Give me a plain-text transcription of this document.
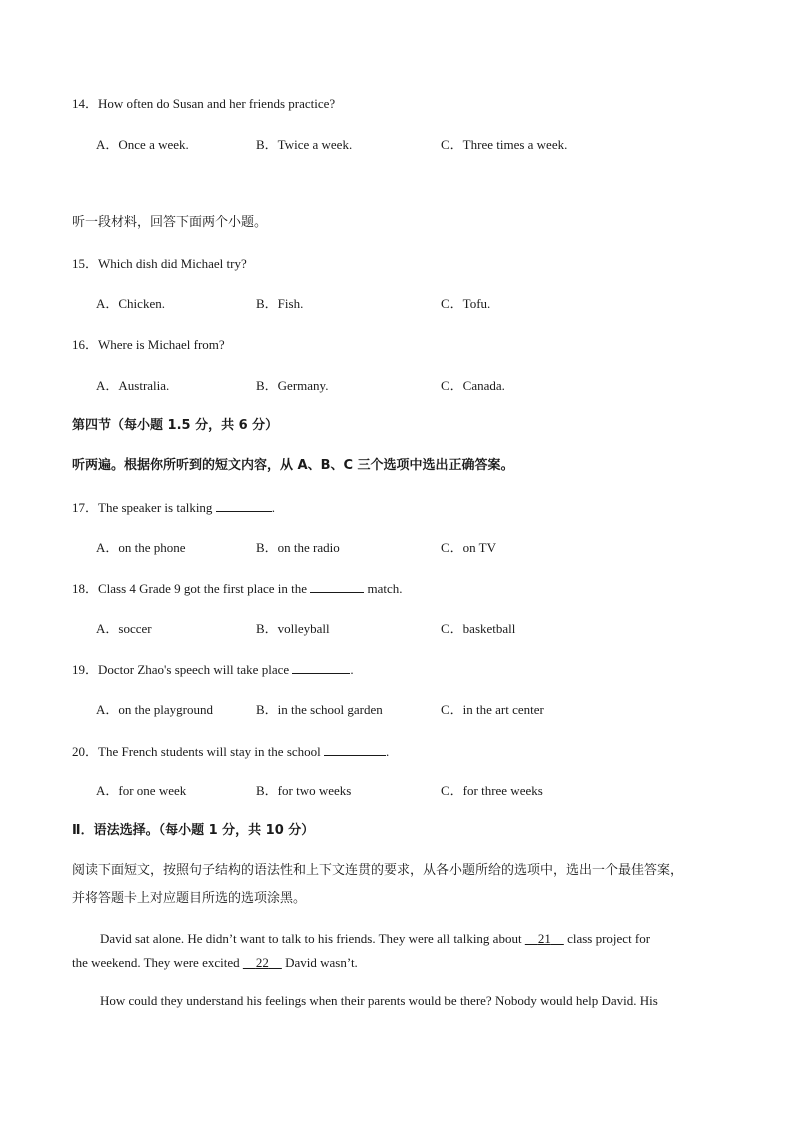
14．How often do Susan and her friends practice?
A．Once a week.	B．Twice a week.	C．Three times a week.
听一段材料，回答下面两个小题。
15．Which dish did Michael try?
A．Chicken.	B．Fish.	C．Tofu.
16．Where is Michael from?
A．Australia.	B．Germany.	C．Canada.
第四节（每小题 1.5 分，共 6 分）
听两遍。根据你所听到的短文内容，从 A、B、C 三个选项中选出正确答案。
17．The speaker is talking	.
A．on the phone	B．on the radio	C．on TV
18．Class 4 Grade 9 got the first place in the	match.
A．soccer	B．volleyball	C．basketball
19．Doctor Zhao's speech will take place	.
A．on the playground	B．in the school garden	C．in the art center
20．The French students will stay in the school	.
A．for one week	B．for two weeks	C．for three weeks
Ⅱ．语法选择。（每小题 1 分，共 10 分）
阅读下面短文，按照句子结构的语法性和上下文连贯的要求，从各小题所给的选项中，选出一个最佳答案，
并将答题卡上对应题目所选的选项涂黑。
David sat alone. He didn’t want to talk to his friends. They were all talking about     21     class project for
the weekend. They were excited     22     David wasn’t.
How could they understand his feelings when their parents would be there? Nobody would help David. His
